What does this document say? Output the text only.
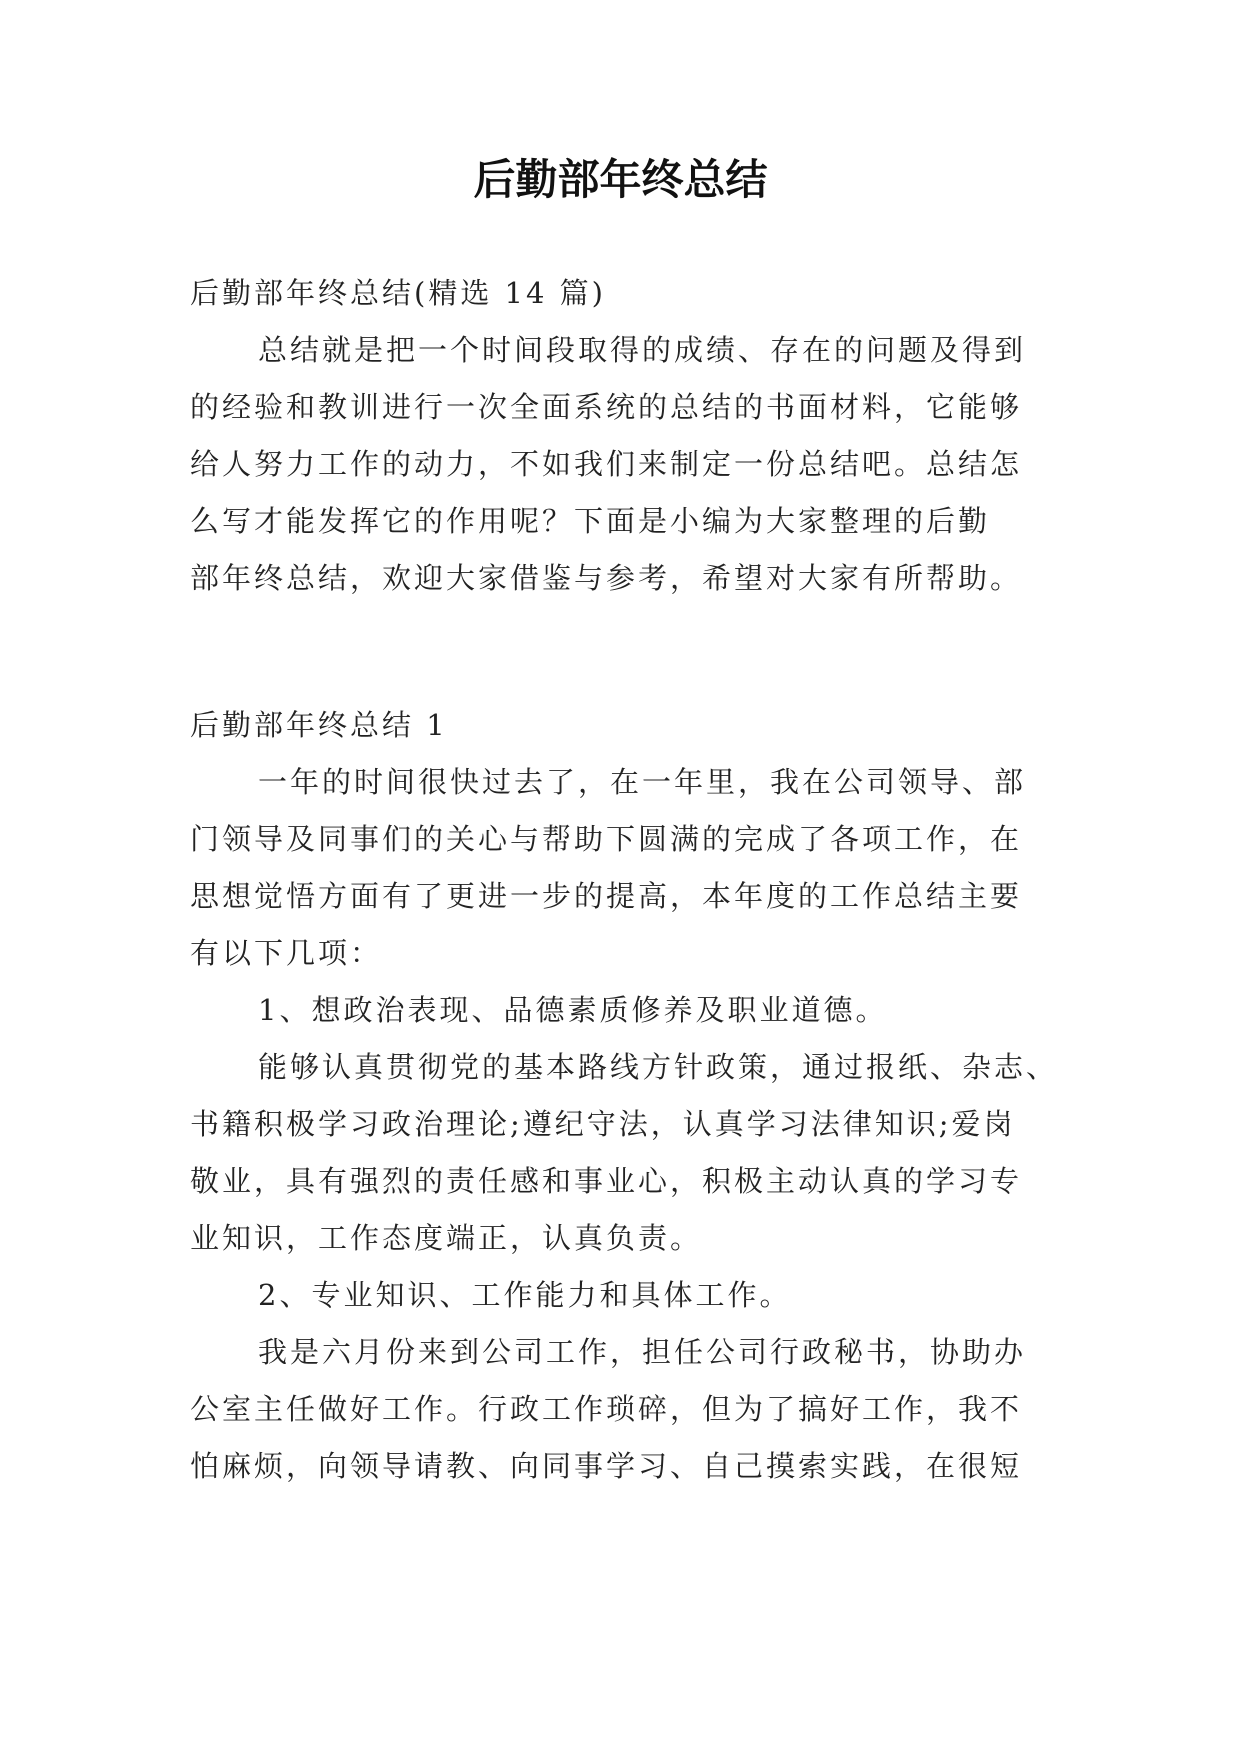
后勤部年终总结
后勤部年终总结(精选 14 篇)
总结就是把一个时间段取得的成绩、存在的问题及得到
的经验和教训进行一次全面系统的总结的书面材料，它能够
给人努力工作的动力，不如我们来制定一份总结吧。总结怎
么写才能发挥它的作用呢？下面是小编为大家整理的后勤
部年终总结，欢迎大家借鉴与参考，希望对大家有所帮助。
后勤部年终总结 1
一年的时间很快过去了，在一年里，我在公司领导、部
门领导及同事们的关心与帮助下圆满的完成了各项工作，在
思想觉悟方面有了更进一步的提高，本年度的工作总结主要
有以下几项：
1、想政治表现、品德素质修养及职业道德。
能够认真贯彻党的基本路线方针政策，通过报纸、杂志、
书籍积极学习政治理论;遵纪守法，认真学习法律知识;爱岗
敬业，具有强烈的责任感和事业心，积极主动认真的学习专
业知识，工作态度端正，认真负责。
2、专业知识、工作能力和具体工作。
我是六月份来到公司工作，担任公司行政秘书，协助办
公室主任做好工作。行政工作琐碎，但为了搞好工作，我不
怕麻烦，向领导请教、向同事学习、自己摸索实践，在很短
